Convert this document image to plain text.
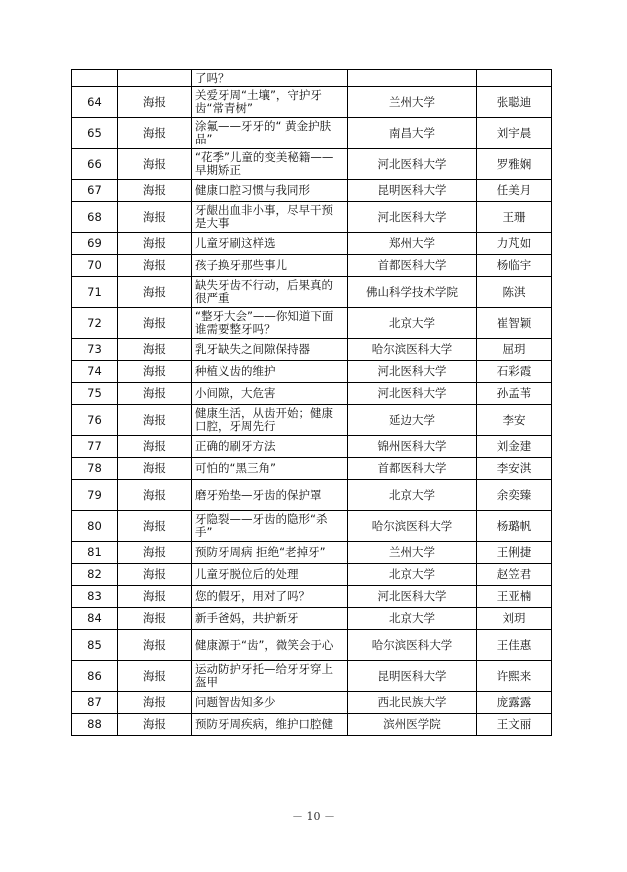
		了吗？		
64	海报	关爱牙周“土壤”，守护牙齿“常青树”	兰州大学	张聪迪
65	海报	涂氟——牙牙的“ 黄金护肤品”	南昌大学	刘宇晨
66	海报	“花季”儿童的变美秘籍——早期矫正	河北医科大学	罗雅娴
67	海报	健康口腔习惯与我同形	昆明医科大学	任美月
68	海报	牙龈出血非小事，尽早干预是大事	河北医科大学	王珊
69	海报	儿童牙刷这样选	郑州大学	力芃如
70	海报	孩子换牙那些事儿	首都医科大学	杨临宇
71	海报	缺失牙齿不行动，后果真的很严重	佛山科学技术学院	陈淇
72	海报	“整牙大会”——你知道下面谁需要整牙吗？	北京大学	崔智颖
73	海报	乳牙缺失之间隙保持器	哈尔滨医科大学	屈玥
74	海报	种植义齿的维护	河北医科大学	石彩霞
75	海报	小间隙，大危害	河北医科大学	孙孟苇
76	海报	健康生活，从齿开始；健康口腔，牙周先行	延边大学	李安
77	海报	正确的刷牙方法	锦州医科大学	刘金建
78	海报	可怕的“黑三角”	首都医科大学	李安淇
79	海报	磨牙殆垫—牙齿的保护罩	北京大学	余奕臻
80	海报	牙隐裂——牙齿的隐形“杀手”	哈尔滨医科大学	杨璐帆
81	海报	预防牙周病 拒绝“老掉牙”	兰州大学	王俐捷
82	海报	儿童牙脱位后的处理	北京大学	赵笠君
83	海报	您的假牙，用对了吗？	河北医科大学	王亚楠
84	海报	新手爸妈，共护新牙	北京大学	刘玥
85	海报	健康源于“齿”，微笑会于心	哈尔滨医科大学	王佳惠
86	海报	运动防护牙托—给牙牙穿上盔甲	昆明医科大学	许熙来
87	海报	问题智齿知多少	西北民族大学	庞露露
88	海报	预防牙周疾病，维护口腔健	滨州医学院	王文丽
－ 10 －
